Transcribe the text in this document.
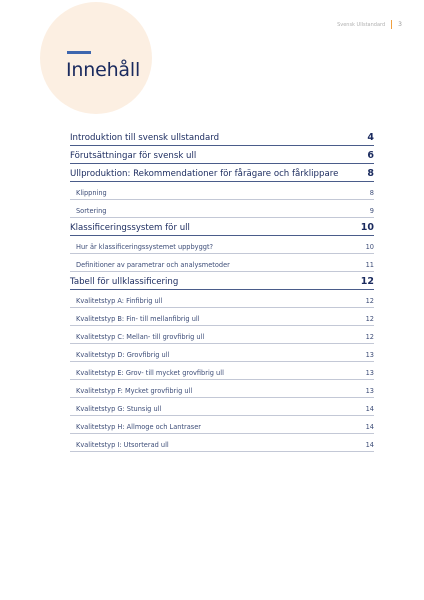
Svensk Ullstandard 3
Innehåll
Introduktion till svensk ullstandard	4
Förutsättningar för svensk ull	6
Ullproduktion: Rekommendationer för fårägare och fårklippare	8
Klippning	8
Sortering	9
Klassificeringssystem för ull	10
Hur är klassificeringssystemet uppbyggt?	10
Definitioner av parametrar och analysmetoder	11
Tabell för ullklassificering	12
Kvalitetstyp A: Finfibrig ull	12
Kvalitetstyp B: Fin- till mellanfibrig ull	12
Kvalitetstyp C: Mellan- till grovfibrig ull	12
Kvalitetstyp D: Grovfibrig ull	13
Kvalitetstyp E: Grov- till mycket grovfibrig ull	13
Kvalitetstyp F: Mycket grovfibrig ull	13
Kvalitetstyp G: Stunsig ull	14
Kvalitetstyp H: Allmoge och Lantraser	14
Kvalitetstyp I: Utsorterad ull	14
